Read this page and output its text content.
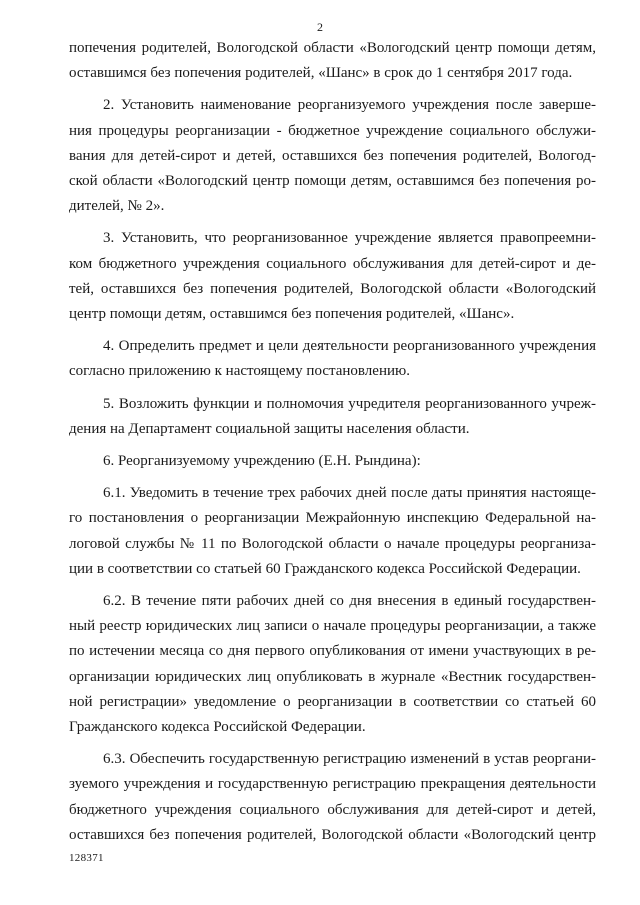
2
попечения родителей, Вологодской области «Вологодский центр помощи детям,
оставшимся без попечения родителей, «Шанс» в срок до 1 сентября 2017 года.
2. Установить наименование реорганизуемого учреждения после заверше-
ния процедуры реорганизации - бюджетное учреждение социального обслужи-
вания для детей-сирот и детей, оставшихся без попечения родителей, Вологод-
ской области «Вологодский центр помощи детям, оставшимся без попечения ро-
дителей, № 2».
3. Установить, что реорганизованное учреждение является правопреемни-
ком бюджетного учреждения социального обслуживания для детей-сирот и де-
тей, оставшихся без попечения родителей, Вологодской области «Вологодский
центр помощи детям, оставшимся без попечения родителей, «Шанс».
4. Определить предмет и цели деятельности реорганизованного учреждения
согласно приложению к настоящему постановлению.
5. Возложить функции и полномочия учредителя реорганизованного учреж-
дения на Департамент социальной защиты населения области.
6. Реорганизуемому учреждению (Е.Н. Рындина):
6.1. Уведомить в течение трех рабочих дней после даты принятия настояще-
го постановления о реорганизации Межрайонную инспекцию Федеральной на-
логовой службы № 11 по Вологодской области о начале процедуры реорганиза-
ции в соответствии со статьей 60 Гражданского кодекса Российской Федерации.
6.2. В течение пяти рабочих дней со дня внесения в единый государствен-
ный реестр юридических лиц записи о начале процедуры реорганизации, а также
по истечении месяца со дня первого опубликования от имени участвующих в ре-
организации юридических лиц опубликовать в журнале «Вестник государствен-
ной регистрации» уведомление о реорганизации в соответствии со статьей 60
Гражданского кодекса Российской Федерации.
6.3. Обеспечить государственную регистрацию изменений в устав реоргани-
зуемого учреждения и государственную регистрацию прекращения деятельности
бюджетного учреждения социального обслуживания для детей-сирот и детей,
оставшихся без попечения родителей, Вологодской области «Вологодский центр
128371
